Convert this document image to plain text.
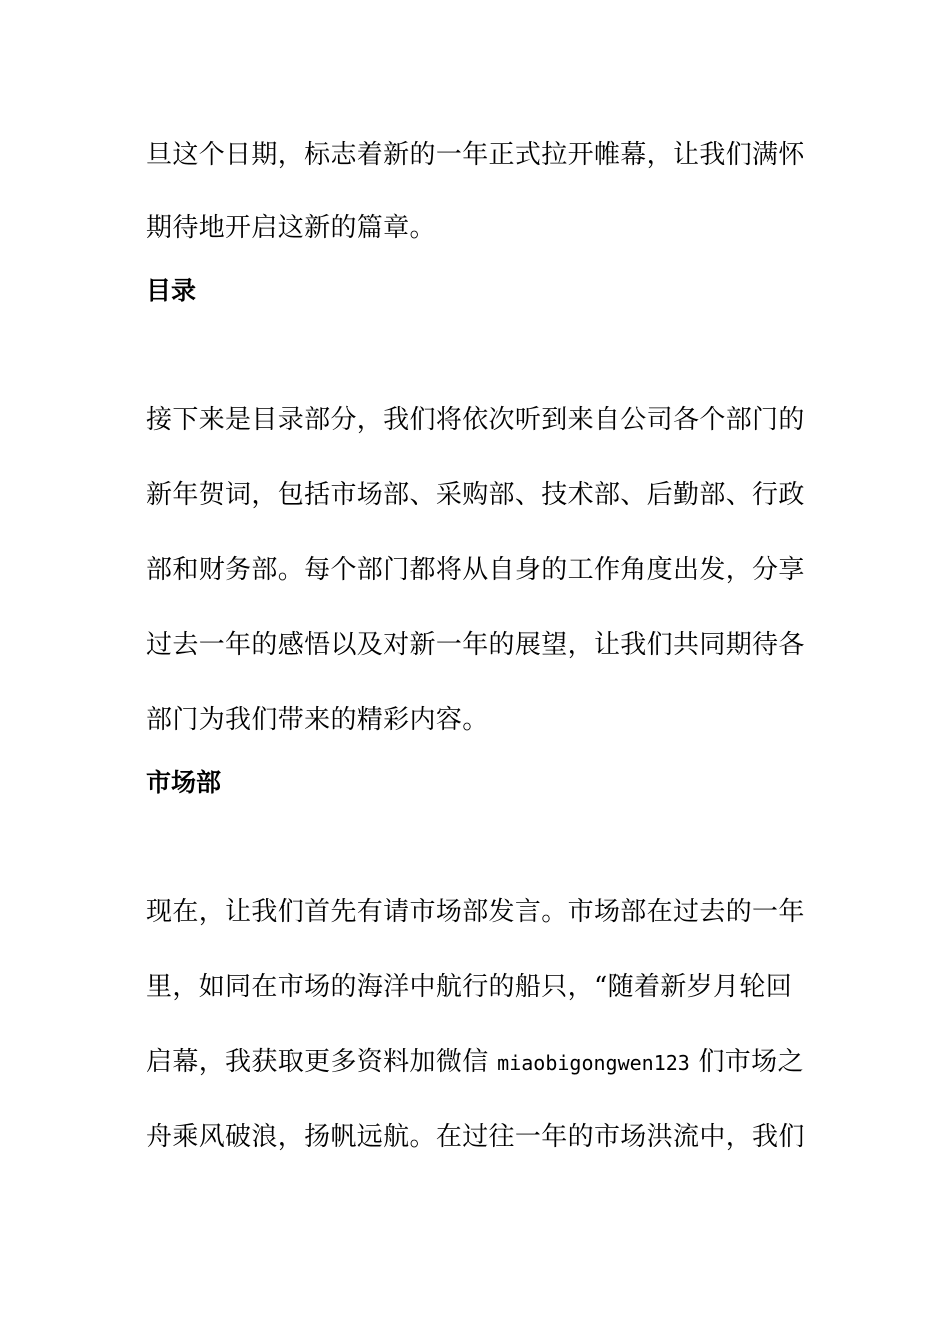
旦这个日期，标志着新的一年正式拉开帷幕，让我们满怀
期待地开启这新的篇章。
目录
接下来是目录部分，我们将依次听到来自公司各个部门的
新年贺词，包括市场部、采购部、技术部、后勤部、行政
部和财务部。每个部门都将从自身的工作角度出发，分享
过去一年的感悟以及对新一年的展望，让我们共同期待各
部门为我们带来的精彩内容。
市场部
现在，让我们首先有请市场部发言。市场部在过去的一年
里，如同在市场的海洋中航行的船只，“随着新岁月轮回
启幕，我获取更多资料加微信 miaobigongwen123 们市场之
舟乘风破浪，扬帆远航。在过往一年的市场洪流中，我们
